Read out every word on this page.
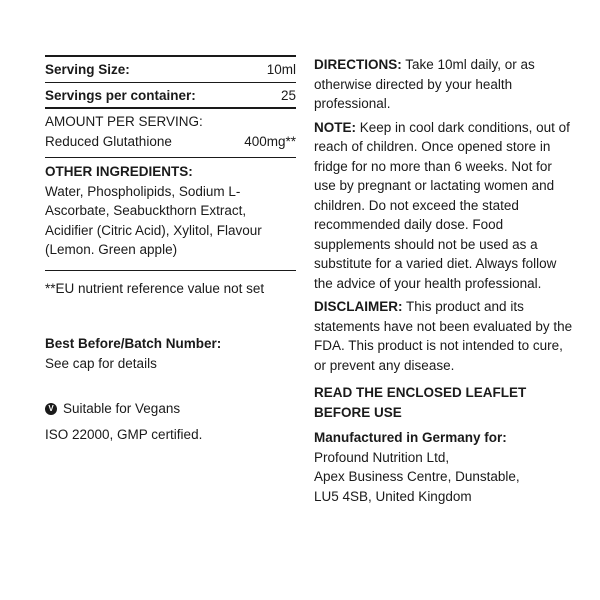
Serving Size:	10ml
Servings per container:	25
AMOUNT PER SERVING:
Reduced Glutathione	400mg**
OTHER INGREDIENTS:

Water, Phospholipids, Sodium L-Ascorbate, Seabuckthorn Extract, Acidifier (Citric Acid), Xylitol, Flavour (Lemon. Green apple)

**EU nutrient reference value not set

Best Before/Batch Number:

See cap for details

V Suitable for Vegans

ISO 22000, GMP certified.

DIRECTIONS: Take 10ml daily, or as otherwise directed by your health professional.

NOTE: Keep in cool dark conditions, out of reach of children. Once opened store in fridge for no more than 6 weeks. Not for use by pregnant or lactating women and children. Do not exceed the stated recommended daily dose. Food supplements should not be used as a substitute for a varied diet. Always follow the advice of your health professional.

DISCLAIMER: This product and its statements have not been evaluated by the FDA. This product is not intended to cure, or prevent any disease.

READ THE ENCLOSED LEAFLET BEFORE USE

Manufactured in Germany for:

Profound Nutrition Ltd,

Apex Business Centre, Dunstable,

LU5 4SB, United Kingdom
